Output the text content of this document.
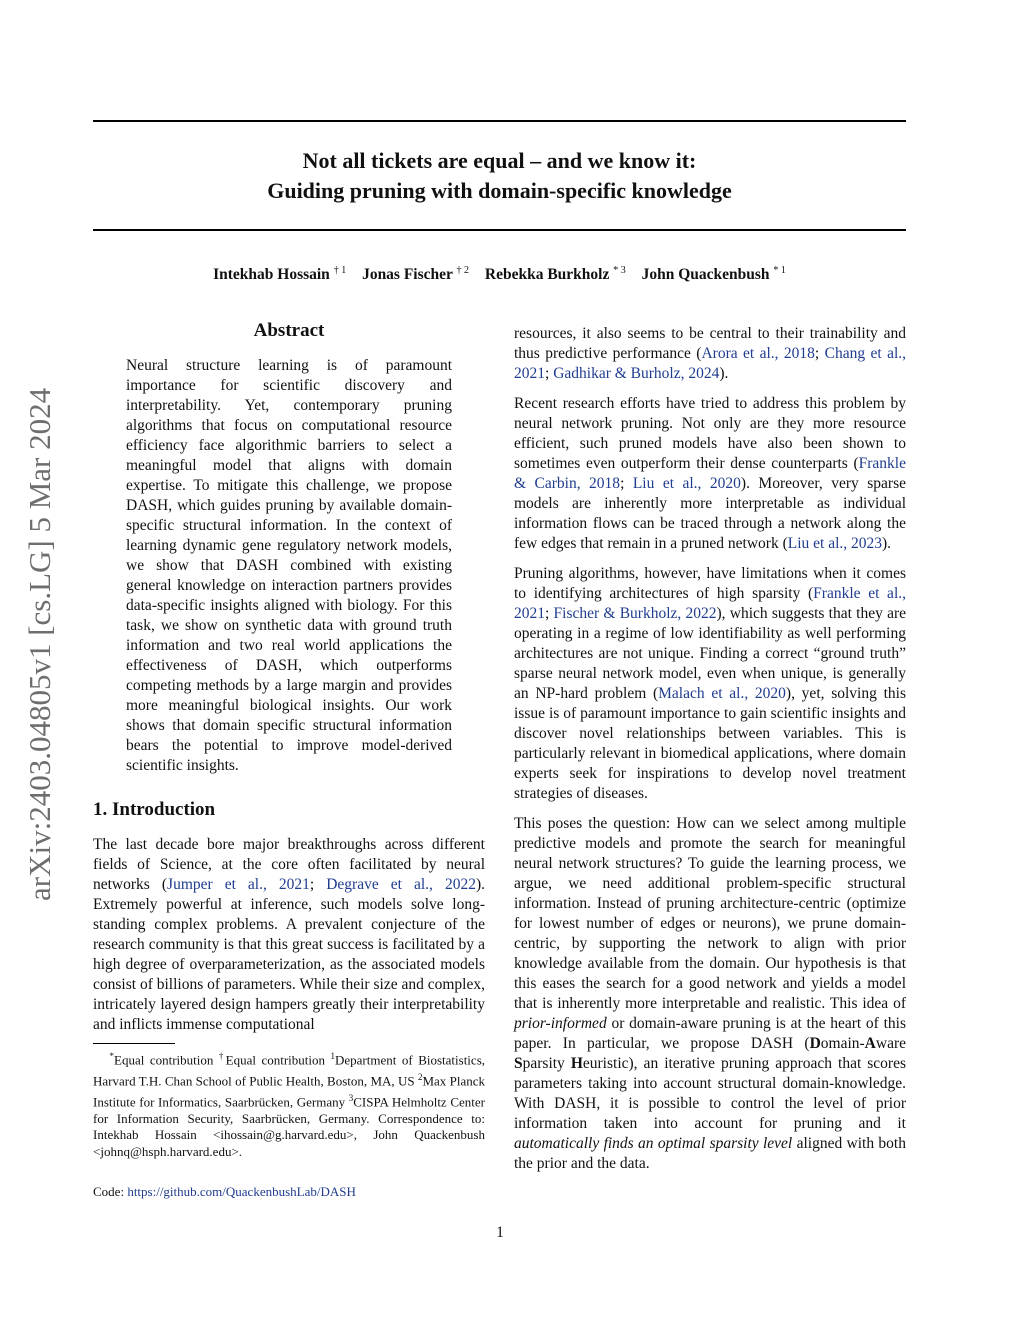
Not all tickets are equal – and we know it:
Guiding pruning with domain-specific knowledge
Intekhab Hossain $^{\dagger 1}$ Jonas Fischer $^{\dagger 2}$ Rebekka Burkholz $^{* 3}$ John Quackenbush $^{* 1}$
arXiv:2403.04805v1 [cs.LG] 5 Mar 2024
Abstract
Neural structure learning is of paramount importance for scientific discovery and interpretability. Yet, contemporary pruning algorithms that focus on computational resource efficiency face algorithmic barriers to select a meaningful model that aligns with domain expertise. To mitigate this challenge, we propose DASH, which guides pruning by available domain-specific structural information. In the context of learning dynamic gene regulatory network models, we show that DASH combined with existing general knowledge on interaction partners provides data-specific insights aligned with biology. For this task, we show on synthetic data with ground truth information and two real world applications the effectiveness of DASH, which outperforms competing methods by a large margin and provides more meaningful biological insights. Our work shows that domain specific structural information bears the potential to improve model-derived scientific insights.
1. Introduction
The last decade bore major breakthroughs across different fields of Science, at the core often facilitated by neural networks (Jumper et al., 2021; Degrave et al., 2022). Extremely powerful at inference, such models solve long-standing complex problems. A prevalent conjecture of the research community is that this great success is facilitated by a high degree of overparameterization, as the associated models consist of billions of parameters. While their size and complex, intricately layered design hampers greatly their interpretability and inflicts immense computational
*Equal contribution †Equal contribution $^1$Department of Biostatistics, Harvard T.H. Chan School of Public Health, Boston, MA, US $^2$Max Planck Institute for Informatics, Saarbrücken, Germany $^3$CISPA Helmholtz Center for Information Security, Saarbrücken, Germany. Correspondence to: Intekhab Hossain <ihossain@g.harvard.edu>, John Quackenbush <johnq@hsph.harvard.edu>.
Code: https://github.com/QuackenbushLab/DASH

resources, it also seems to be central to their trainability and thus predictive performance (Arora et al., 2018; Chang et al., 2021; Gadhikar & Burholz, 2024).

Recent research efforts have tried to address this problem by neural network pruning. Not only are they more resource efficient, such pruned models have also been shown to sometimes even outperform their dense counterparts (Frankle & Carbin, 2018; Liu et al., 2020). Moreover, very sparse models are inherently more interpretable as individual information flows can be traced through a network along the few edges that remain in a pruned network (Liu et al., 2023).

Pruning algorithms, however, have limitations when it comes to identifying architectures of high sparsity (Frankle et al., 2021; Fischer & Burkholz, 2022), which suggests that they are operating in a regime of low identifiability as well performing architectures are not unique. Finding a correct “ground truth” sparse neural network model, even when unique, is generally an NP-hard problem (Malach et al., 2020), yet, solving this issue is of paramount importance to gain scientific insights and discover novel relationships between variables. This is particularly relevant in biomedical applications, where domain experts seek for inspirations to develop novel treatment strategies of diseases.

This poses the question: How can we select among multiple predictive models and promote the search for meaningful neural network structures? To guide the learning process, we argue, we need additional problem-specific structural information. Instead of pruning architecture-centric (optimize for lowest number of edges or neurons), we prune domain-centric, by supporting the network to align with prior knowledge available from the domain. Our hypothesis is that this eases the search for a good network and yields a model that is inherently more interpretable and realistic. This idea of prior-informed or domain-aware pruning is at the heart of this paper. In particular, we propose DASH (Domain-Aware Sparsity Heuristic), an iterative pruning approach that scores parameters taking into account structural domain-knowledge. With DASH, it is possible to control the level of prior information taken into account for pruning and it automatically finds an optimal sparsity level aligned with both the prior and the data.

1
